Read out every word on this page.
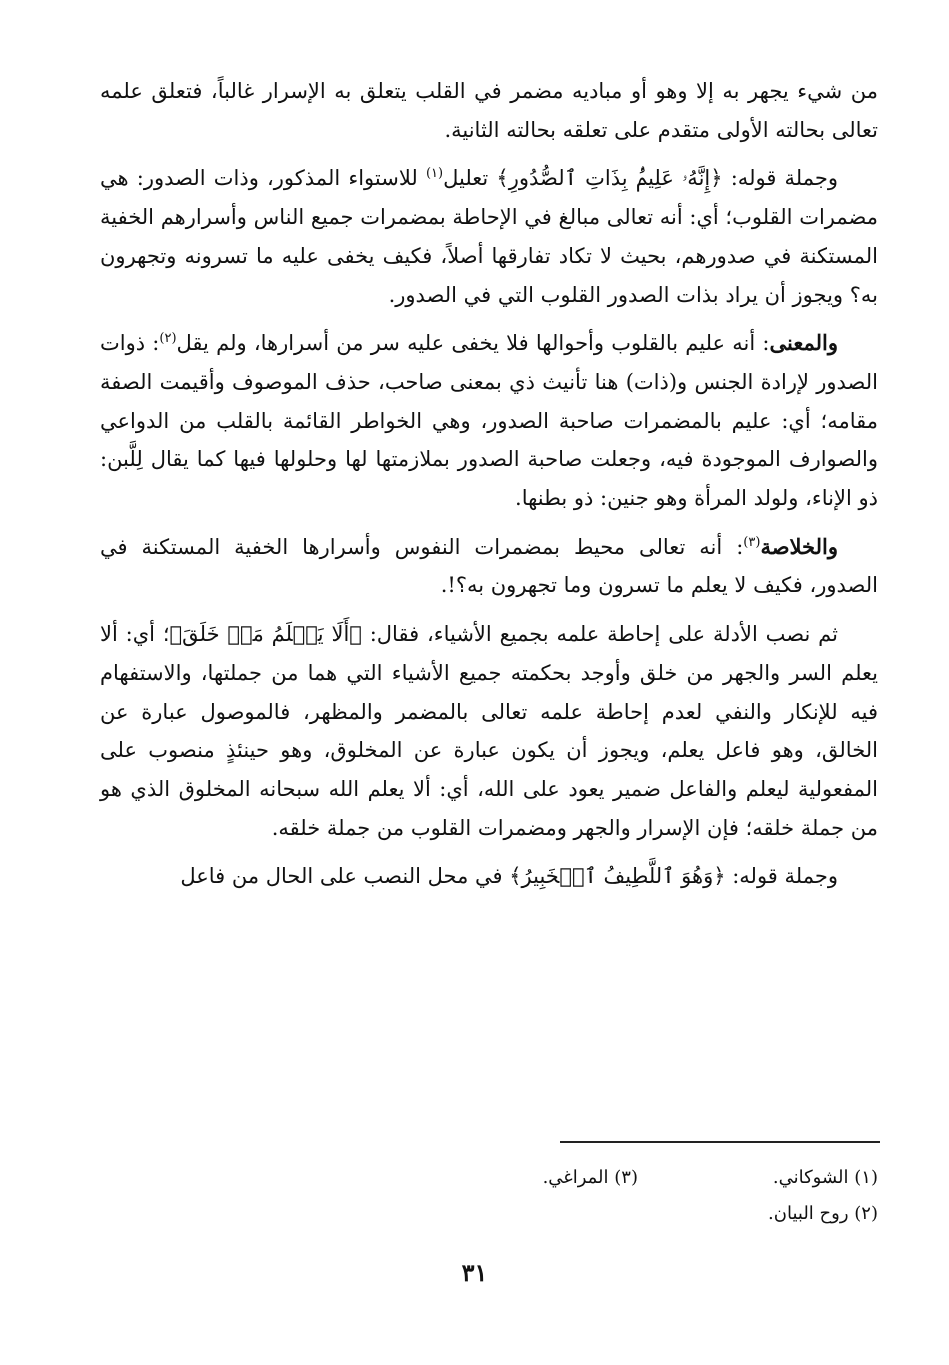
من شيء يجهر به إلا وهو أو مباديه مضمر في القلب يتعلق به الإسرار غالباً، فتعلق علمه تعالى بحالته الأولى متقدم على تعلقه بحالته الثانية.

وجملة قوله: ﴿إِنَّهُۥ عَلِيمُۢ بِذَاتِ ٱلصُّدُورِ﴾ تعليل$^{(١)}$ للاستواء المذكور، وذات الصدور: هي مضمرات القلوب؛ أي: أنه تعالى مبالغ في الإحاطة بمضمرات جميع الناس وأسرارهم الخفية المستكنة في صدورهم، بحيث لا تكاد تفارقها أصلاً، فكيف يخفى عليه ما تسرونه وتجهرون به؟ ويجوز أن يراد بذات الصدور القلوب التي في الصدور.

والمعنى: أنه عليم بالقلوب وأحوالها فلا يخفى عليه سر من أسرارها، ولم يقل$^{(٢)}$: ذوات الصدور لإرادة الجنس و(ذات) هنا تأنيث ذي بمعنى صاحب، حذف الموصوف وأقيمت الصفة مقامه؛ أي: عليم بالمضمرات صاحبة الصدور، وهي الخواطر القائمة بالقلب من الدواعي والصوارف الموجودة فيه، وجعلت صاحبة الصدور بملازمتها لها وحلولها فيها كما يقال لِلَّبن: ذو الإناء، ولولد المرأة وهو جنين: ذو بطنها.

والخلاصة$^{(٣)}$: أنه تعالى محيط بمضمرات النفوس وأسرارها الخفية المستكنة في الصدور، فكيف لا يعلم ما تسرون وما تجهرون به؟!.

ثم نصب الأدلة على إحاطة علمه بجميع الأشياء، فقال: ﴿أَلَا يَعۡلَمُ مَنۡ خَلَقَ﴾؛ أي: ألا يعلم السر والجهر من خلق وأوجد بحكمته جميع الأشياء التي هما من جملتها، والاستفهام فيه للإنكار والنفي لعدم إحاطة علمه تعالى بالمضمر والمظهر، فالموصول عبارة عن الخالق، وهو فاعل يعلم، ويجوز أن يكون عبارة عن المخلوق، وهو حينئذٍ منصوب على المفعولية ليعلم والفاعل ضمير يعود على الله، أي: ألا يعلم الله سبحانه المخلوق الذي هو من جملة خلقه؛ فإن الإسرار والجهر ومضمرات القلوب من جملة خلقه.

وجملة قوله: ﴿وَهُوَ ٱللَّطِيفُ ٱلۡخَبِيرُ﴾ في محل النصب على الحال من فاعل

(١) الشوكاني.
(٣) المراغي.
(٢) روح البيان.
٣١
